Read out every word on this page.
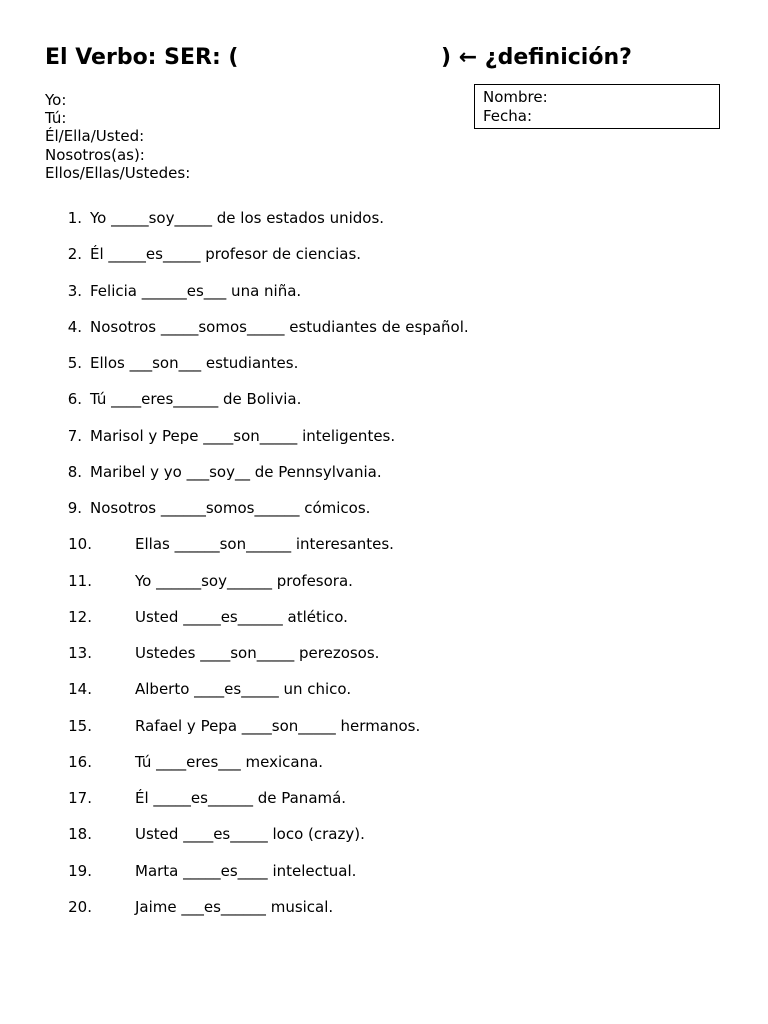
El Verbo: SER: (	) ← ¿definición?
Yo:
Tú:
Él/Ella/Usted:
Nosotros(as):
Ellos/Ellas/Ustedes:
Nombre:
Fecha:
1. Yo _____soy_____ de los estados unidos.
2. Él _____es_____ profesor de ciencias.
3. Felicia ______es___ una niña.
4. Nosotros _____somos_____ estudiantes de español.
5. Ellos ___son___ estudiantes.
6. Tú ____eres______ de Bolivia.
7. Marisol y Pepe ____son_____ inteligentes.
8. Maribel y yo ___soy__ de Pennsylvania.
9. Nosotros ______somos______ cómicos.
10.	Ellas ______son______ interesantes.
11.	Yo ______soy______ profesora.
12.	Usted _____es______ atlético.
13.	Ustedes ____son_____ perezosos.
14.	Alberto ____es_____ un chico.
15.	Rafael y Pepa ____son_____ hermanos.
16.	Tú ____eres___ mexicana.
17.	Él _____es______ de Panamá.
18.	Usted ____es_____ loco (crazy).
19.	Marta _____es____ intelectual.
20.	Jaime ___es______ musical.
